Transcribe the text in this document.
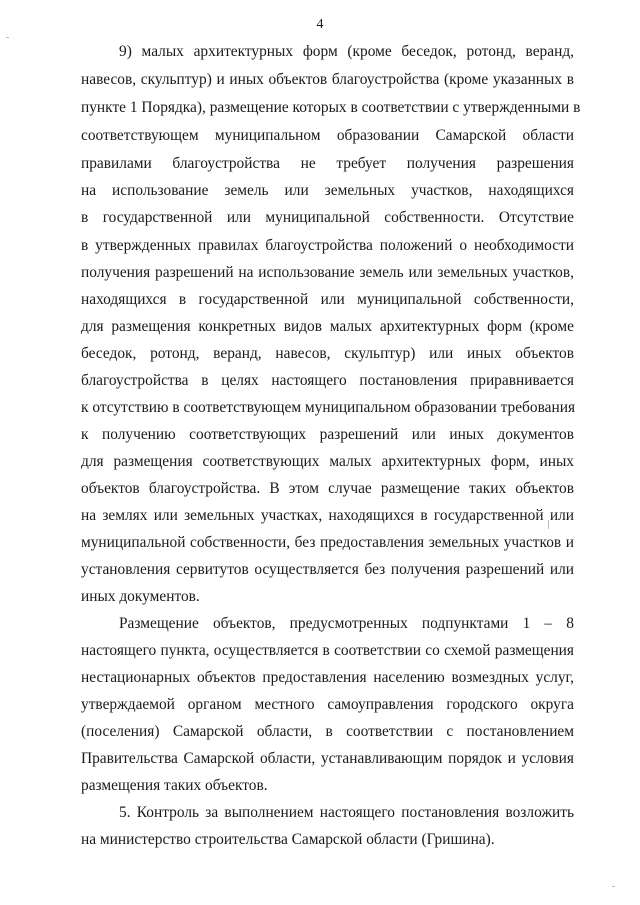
4
9) малых архитектурных форм (кроме беседок, ротонд, веранд,
навесов, скульптур) и иных объектов благоустройства (кроме указанных в
пункте 1 Порядка), размещение которых в соответствии с утвержденными в
соответствующем муниципальном образовании Самарской области
правилами благоустройства не требует получения разрешения
на использование земель или земельных участков, находящихся
в государственной или муниципальной собственности. Отсутствие
в утвержденных правилах благоустройства положений о необходимости
получения разрешений на использование земель или земельных участков,
находящихся в государственной или муниципальной собственности,
для размещения конкретных видов малых архитектурных форм (кроме
беседок, ротонд, веранд, навесов, скульптур) или иных объектов
благоустройства в целях настоящего постановления приравнивается
к отсутствию в соответствующем муниципальном образовании требования
к получению соответствующих разрешений или иных документов
для размещения соответствующих малых архитектурных форм, иных
объектов благоустройства. В этом случае размещение таких объектов
на землях или земельных участках, находящихся в государственной или
муниципальной собственности, без предоставления земельных участков и
установления сервитутов осуществляется без получения разрешений или
иных документов.
Размещение объектов, предусмотренных подпунктами 1 – 8
настоящего пункта, осуществляется в соответствии со схемой размещения
нестационарных объектов предоставления населению возмездных услуг,
утверждаемой органом местного самоуправления городского округа
(поселения) Самарской области, в соответствии с постановлением
Правительства Самарской области, устанавливающим порядок и условия
размещения таких объектов.
5. Контроль за выполнением настоящего постановления возложить
на министерство строительства Самарской области (Гришина).
